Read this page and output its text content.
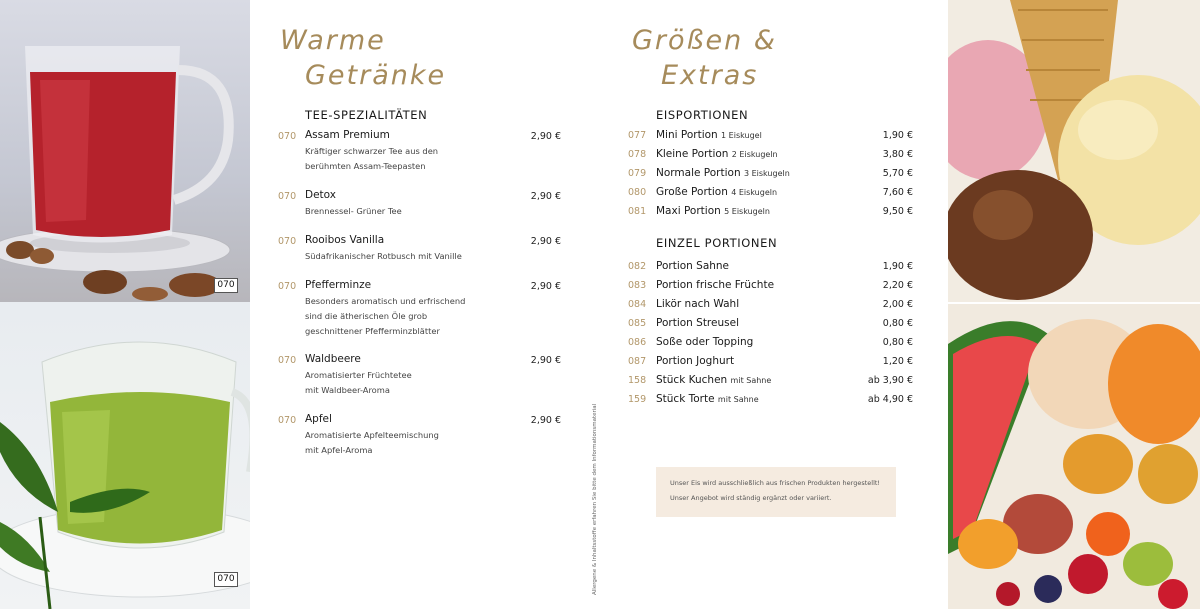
070
070
Warme
Getränke
TEE-SPEZIALITÄTEN
070 Assam Premium
Kräftiger schwarzer Tee aus den
berühmten Assam-Teepasten
2,90 €
070 Detox
Brennessel- Grüner Tee
2,90 €
070 Rooibos Vanilla
Südafrikanischer Rotbusch mit Vanille
2,90 €
070 Pfefferminze
Besonders aromatisch und erfrischend
sind die ätherischen Öle grob
geschnittener Pfefferminzblätter
2,90 €
070 Waldbeere
Aromatisierter Früchtetee
mit Waldbeer-Aroma
2,90 €
070 Apfel
Aromatisierte Apfelteemischung
mit Apfel-Aroma
2,90 €	Allergene & Inhaltsstoffe erfahren Sie bitte dem Informationsmaterial
Größen &
Extras
EISPORTIONEN
077 Mini Portion 1 Eiskugel	1,90 €
078 Kleine Portion 2 Eiskugeln	3,80 €
079 Normale Portion 3 Eiskugeln	5,70 €
080 Große Portion 4 Eiskugeln	7,60 €
081 Maxi Portion 5 Eiskugeln	9,50 €
EINZEL PORTIONEN
082 Portion Sahne	1,90 €
083 Portion frische Früchte	2,20 €
084 Likör nach Wahl	2,00 €
085 Portion Streusel	0,80 €
086 Soße oder Topping	0,80 €
087 Portion Joghurt	1,20 €
158 Stück Kuchen mit Sahne	ab 3,90 €
159 Stück Torte mit Sahne	ab 4,90 €
Unser Eis wird ausschließlich aus frischen Produkten hergestellt!
Unser Angebot wird ständig ergänzt oder variiert.
